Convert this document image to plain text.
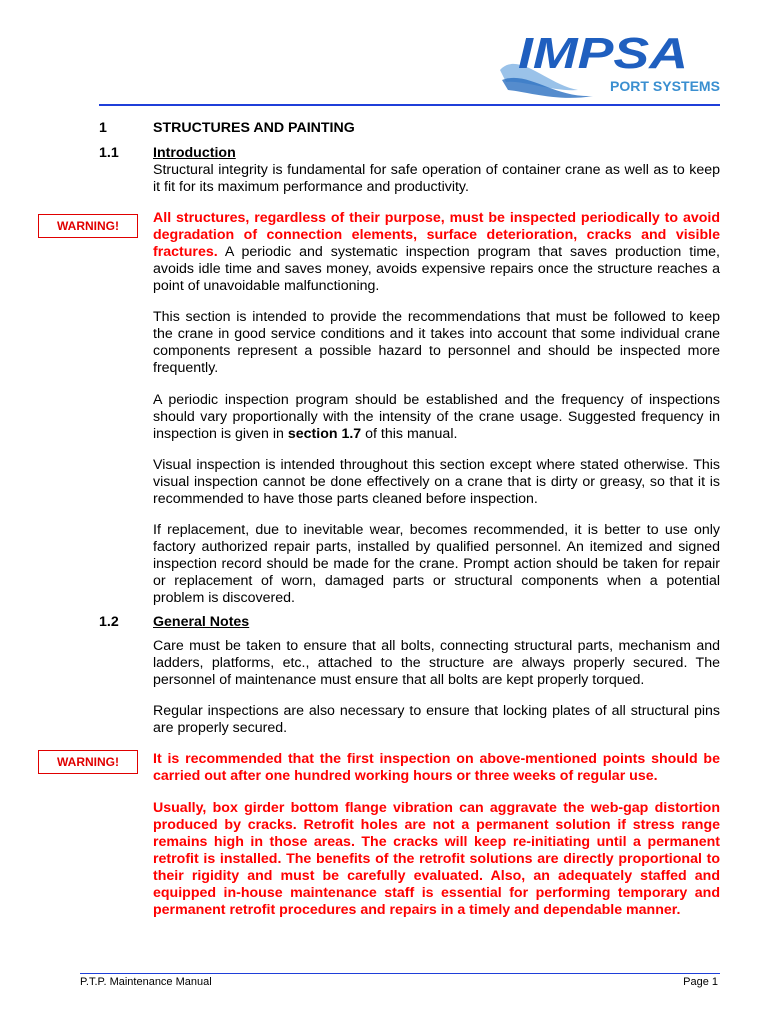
IMPSA
PORT SYSTEMS
WARNING!
WARNING!
1	STRUCTURES AND PAINTING
1.1	Introduction

Structural integrity is fundamental for safe operation of container crane as well as to keep it fit for its maximum performance and productivity.

All structures, regardless of their purpose, must be inspected periodically to avoid degradation of connection elements, surface deterioration, cracks and visible fractures. A periodic and systematic inspection program that saves production time, avoids idle time and saves money, avoids expensive repairs once the structure reaches a point of unavoidable malfunctioning.

This section is intended to provide the recommendations that must be followed to keep the crane in good service conditions and it takes into account that some individual crane components represent a possible hazard to personnel and should be inspected more frequently.

A periodic inspection program should be established and the frequency of inspections should vary proportionally with the intensity of the crane usage. Suggested frequency in inspection is given in section 1.7 of this manual.

Visual inspection is intended throughout this section except where stated otherwise. This visual inspection cannot be done effectively on a crane that is dirty or greasy, so that it is recommended to have those parts cleaned before inspection.

If replacement, due to inevitable wear, becomes recommended, it is better to use only factory authorized repair parts, installed by qualified personnel. An itemized and signed inspection record should be made for the crane. Prompt action should be taken for repair or replacement of worn, damaged parts or structural components when a potential problem is discovered.

1.2	General Notes

Care must be taken to ensure that all bolts, connecting structural parts, mechanism and ladders, platforms, etc., attached to the structure are always properly secured. The personnel of maintenance must ensure that all bolts are kept properly torqued.

Regular inspections are also necessary to ensure that locking plates of all structural pins are properly secured.

It is recommended that the first inspection on above-mentioned points should be carried out after one hundred working hours or three weeks of regular use.

Usually, box girder bottom flange vibration can aggravate the web-gap distortion produced by cracks. Retrofit holes are not a permanent solution if stress range remains high in those areas. The cracks will keep re-initiating until a permanent retrofit is installed. The benefits of the retrofit solutions are directly proportional to their rigidity and must be carefully evaluated. Also, an adequately staffed and equipped in-house maintenance staff is essential for performing temporary and permanent retrofit procedures and repairs in a timely and dependable manner.

P.T.P. Maintenance Manual	Page 1
